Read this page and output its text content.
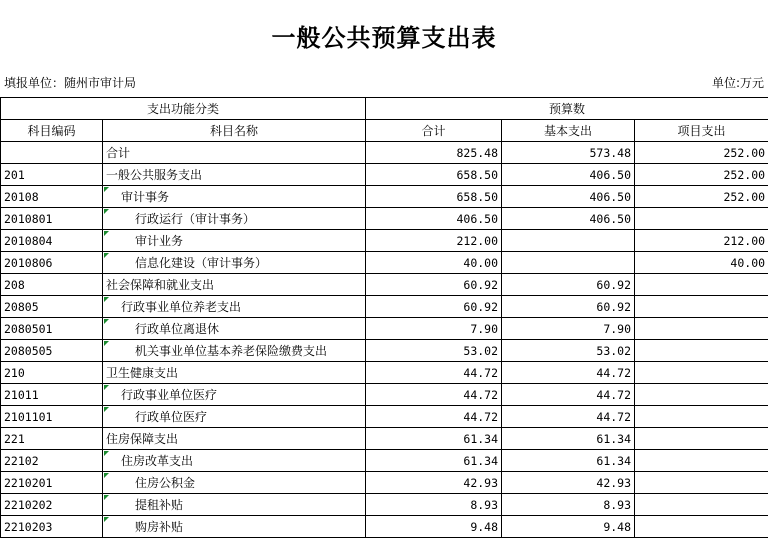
一般公共预算支出表
填报单位：随州市审计局	单位:万元
支出功能分类		预算数		
科目编码	科目名称	合计	基本支出	项目支出
	合计	825.48	573.48	252.00
201	一般公共服务支出	658.50	406.50	252.00
20108	审计事务	658.50	406.50	252.00
2010801	行政运行（审计事务）	406.50	406.50	
2010804	审计业务	212.00		212.00
2010806	信息化建设（审计事务）	40.00		40.00
208	社会保障和就业支出	60.92	60.92	
20805	行政事业单位养老支出	60.92	60.92	
2080501	行政单位离退休	7.90	7.90	
2080505	机关事业单位基本养老保险缴费支出	53.02	53.02	
210	卫生健康支出	44.72	44.72	
21011	行政事业单位医疗	44.72	44.72	
2101101	行政单位医疗	44.72	44.72	
221	住房保障支出	61.34	61.34	
22102	住房改革支出	61.34	61.34	
2210201	住房公积金	42.93	42.93	
2210202	提租补贴	8.93	8.93	
2210203	购房补贴	9.48	9.48	
